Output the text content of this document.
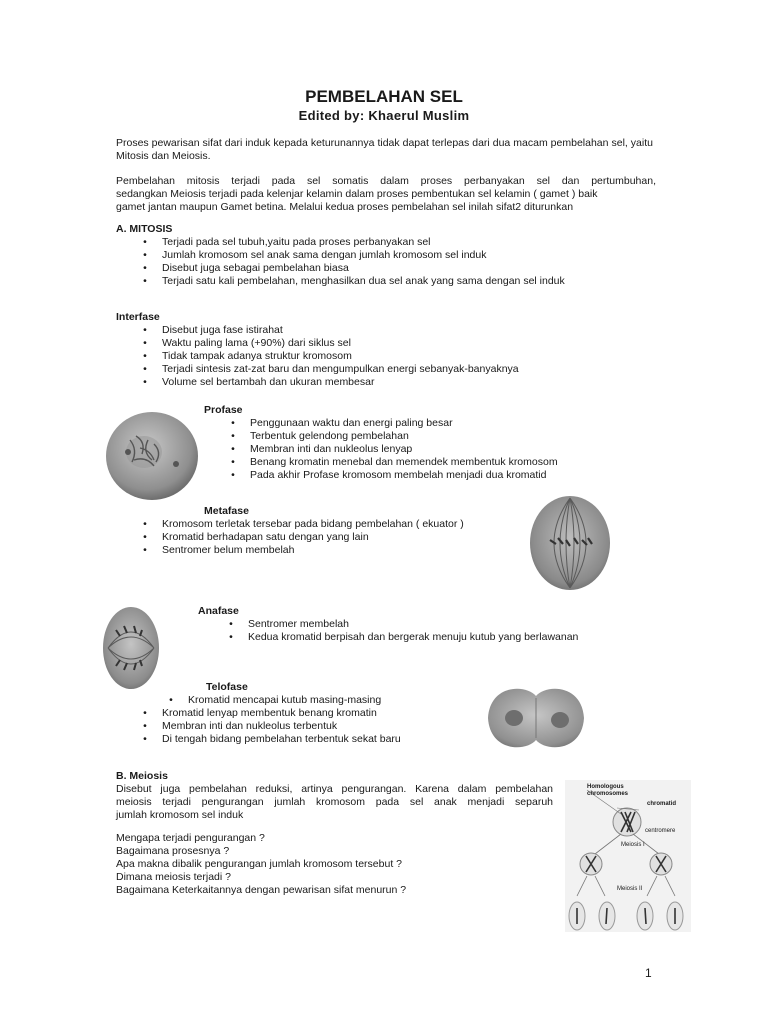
PEMBELAHAN SEL
Edited by: Khaerul Muslim
Proses pewarisan sifat dari induk kepada keturunannya tidak dapat terlepas dari dua macam pembelahan sel, yaitu Mitosis dan Meiosis.
Pembelahan mitosis terjadi pada sel somatis dalam proses perbanyakan sel dan pertumbuhan,
sedangkan Meiosis terjadi pada kelenjar kelamin dalam proses pembentukan sel kelamin ( gamet ) baik
gamet jantan maupun Gamet betina. Melalui kedua proses pembelahan sel inilah sifat2 diturunkan
A. MITOSIS
•	Terjadi pada sel tubuh,yaitu pada proses perbanyakan sel
•	Jumlah kromosom sel anak sama dengan jumlah kromosom sel induk
•	Disebut juga sebagai pembelahan biasa
•	Terjadi satu kali pembelahan, menghasilkan dua sel anak yang sama dengan sel induk
Interfase
•	Disebut juga fase istirahat
•	Waktu paling lama (+90%) dari siklus sel
•	Tidak tampak adanya struktur kromosom
•	Terjadi sintesis zat-zat baru dan mengumpulkan energi sebanyak-banyaknya
•	Volume sel bertambah dan ukuran membesar
Profase
•	Penggunaan waktu dan energi paling besar
•	Terbentuk gelendong pembelahan
•	Membran inti dan nukleolus lenyap
•	Benang kromatin menebal dan memendek membentuk kromosom
•	Pada akhir Profase kromosom membelah menjadi dua kromatid
Metafase
•	Kromosom terletak tersebar pada bidang pembelahan ( ekuator )
•	Kromatid berhadapan satu dengan yang lain
•	Sentromer belum membelah
Anafase
•	Sentromer membelah
•	Kedua kromatid berpisah dan bergerak menuju kutub yang berlawanan
Telofase
•	Kromatid mencapai kutub masing-masing
•	Kromatid lenyap membentuk benang kromatin
•	Membran inti dan nukleolus terbentuk
•	Di tengah bidang pembelahan terbentuk sekat baru
B. Meiosis
Disebut juga pembelahan reduksi, artinya pengurangan. Karena dalam pembelahan
meiosis terjadi pengurangan jumlah kromosom pada sel anak menjadi separuh
jumlah kromosom sel induk
Mengapa terjadi pengurangan ?
Bagaimana prosesnya ?
Apa makna dibalik pengurangan jumlah kromosom tersebut ?
Dimana meiosis terjadi ?
Bagaimana Keterkaitannya dengan pewarisan sifat menurun ?
Homologous
chromosomes
chromatid
centromere
Meiosis I
Meiosis II
1
